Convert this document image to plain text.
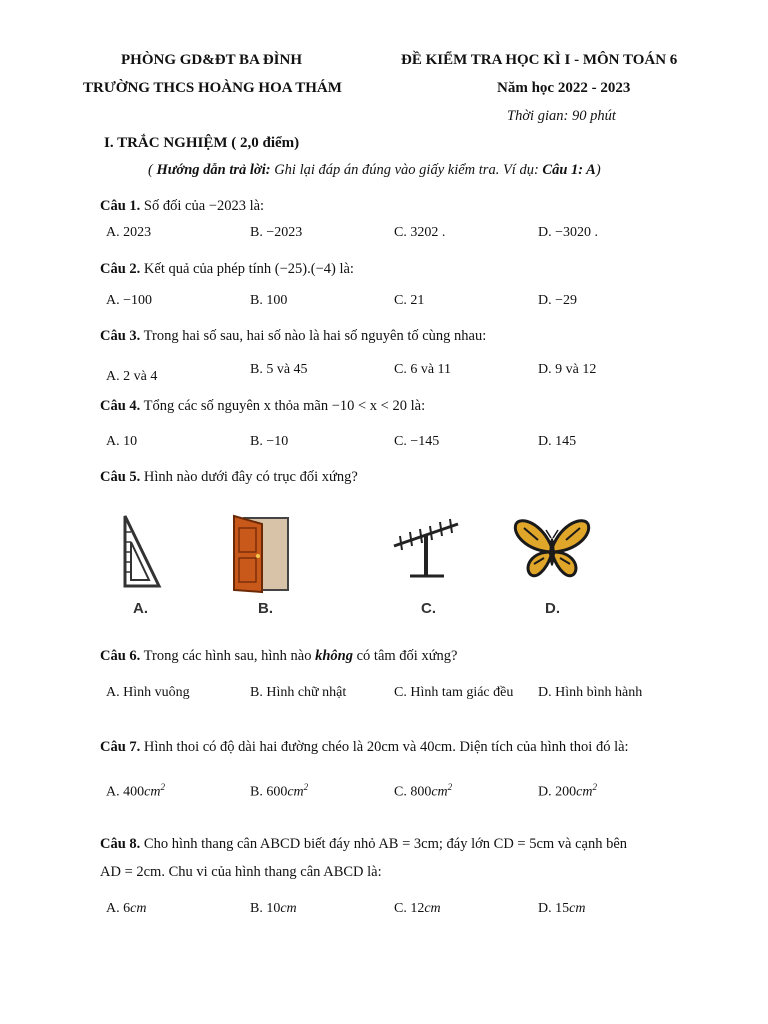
PHÒNG GD&ĐT BA ĐÌNH
TRƯỜNG THCS HOÀNG HOA THÁM
ĐỀ KIỂM TRA HỌC KÌ I - MÔN TOÁN 6
Năm học 2022 - 2023
Thời gian: 90 phút
I. TRẮC NGHIỆM ( 2,0 điểm)
( Hướng dẫn trả lời: Ghi lại đáp án đúng vào giấy kiểm tra. Ví dụ: Câu 1: A)
Câu 1. Số đối của −2023 là:
A. 2023	B. −2023	C. 3202 .	D. −3020 .
Câu 2. Kết quả của phép tính (−25).(−4) là:
A. −100	B. 100	C. 21	D. −29
Câu 3. Trong hai số sau, hai số nào là hai số nguyên tố cùng nhau:
A. 2 và 4	B. 5 và 45	C. 6 và 11	D. 9 và 12
Câu 4. Tổng các số nguyên x thỏa mãn −10 < x < 20 là:
A. 10	B. −10	C. −145	D. 145
Câu 5. Hình nào dưới đây có trục đối xứng?
A.	B.	C.	D.
Câu 6. Trong các hình sau, hình nào không có tâm đối xứng?
A. Hình vuông	B. Hình chữ nhật	C. Hình tam giác đều D. Hình bình hành
Câu 7. Hình thoi có độ dài hai đường chéo là 20cm và 40cm. Diện tích của hình thoi đó là:
A. $400cm^2$	B. $600cm^2$	C. $800cm^2$	D. $200cm^2$
Câu 8. Cho hình thang cân ABCD biết đáy nhỏ AB = 3cm; đáy lớn CD = 5cm và cạnh bên
AD = 2cm. Chu vi của hình thang cân ABCD là:
A. 6cm	B. 10cm	C. 12cm	D. 15cm
